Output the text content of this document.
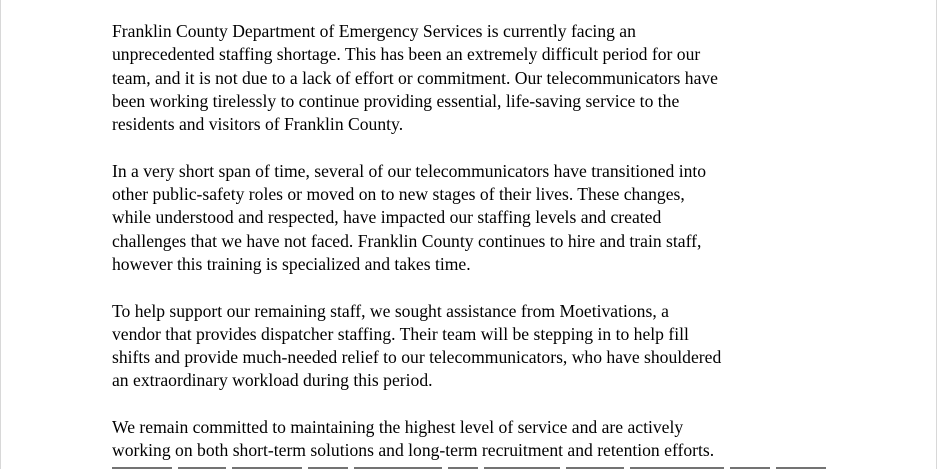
Franklin County Department of Emergency Services is currently facing an
unprecedented staffing shortage. This has been an extremely difficult period for our
team, and it is not due to a lack of effort or commitment. Our telecommunicators have
been working tirelessly to continue providing essential, life-saving service to the
residents and visitors of Franklin County.

In a very short span of time, several of our telecommunicators have transitioned into
other public-safety roles or moved on to new stages of their lives. These changes,
while understood and respected, have impacted our staffing levels and created
challenges that we have not faced. Franklin County continues to hire and train staff,
however this training is specialized and takes time.

To help support our remaining staff, we sought assistance from Moetivations, a
vendor that provides dispatcher staffing. Their team will be stepping in to help fill
shifts and provide much-needed relief to our telecommunicators, who have shouldered
an extraordinary workload during this period.

We remain committed to maintaining the highest level of service and are actively
working on both short-term solutions and long-term recruitment and retention efforts.
